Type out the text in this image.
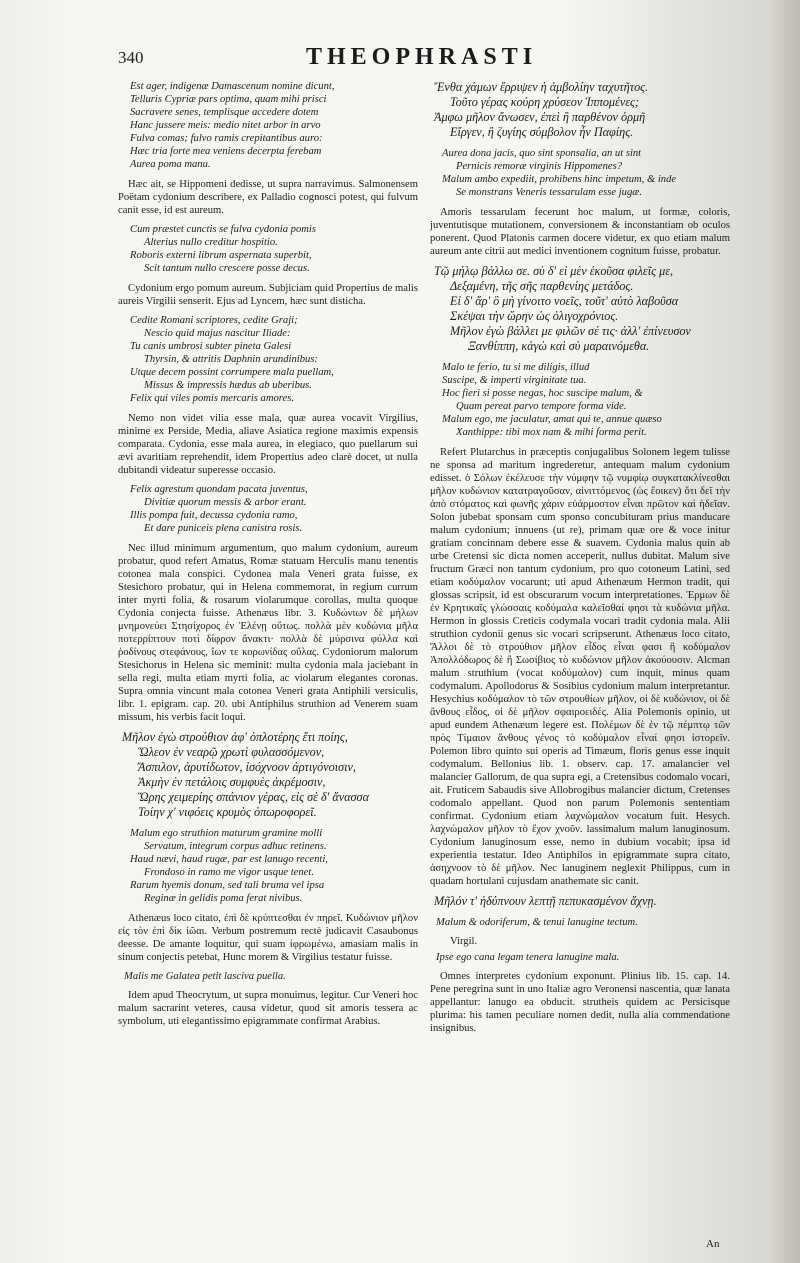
340	THEOPHRASTI
Est ager, indigenæ Damascenum nomine dicunt,
Telluris Cypriæ pars optima, quam mihi prisci
Sacravere senes, templisque accedere dotem
Hanc jussere meis: medio nitet arbor in arvo
Fulva comas; fulvo ramis crepitantibus auro:
Hæc tria forte mea veniens decerpta ferebam
Aurea poma manu.

Hæc ait, se Hippomeni dedisse, ut supra narravimus. Salmonensem Poëtam cydonium describere, ex Palladio cognosci potest, qui fulvum canit esse, id est aureum.

Cum præstet cunctis se fulva cydonia pomis
Alterius nullo creditur hospitio.
Roboris externi librum aspernata superbit,
Scit tantum nullo crescere posse decus.

Cydonium ergo pomum aureum. Subjiciam quid Propertius de malis aureis Virgilii senserit. Ejus ad Lyncem, hæc sunt disticha.

Cedite Romani scriptores, cedite Graji;
Nescio quid majus nascitur Iliade:
Tu canis umbrosi subter pineta Galesi
Thyrsin, & attritis Daphnin arundinibus:
Utque decem possint corrumpere mala puellam,
Missus & impressis hædus ab uberibus.
Felix qui viles pomis mercaris amores.

Nemo non videt vilia esse mala, quæ aurea vocavit Virgilius, minime ex Perside, Media, aliave Asiatica regione maximis expensis comparata. Cydonia, esse mala aurea, in elegiaco, quo puellarum sui ævi avaritiam reprehendit, idem Propertius adeo clarè docet, ut nulla dubitandi videatur superesse occasio.

Felix agrestum quondam pacata juventus,
Divitiæ quorum messis & arbor erant.
Illis pompa fuit, decussa cydonia ramo,
Et dare puniceis plena canistra rosis.

Nec illud minimum argumentum, quo malum cydonium, aureum probatur, quod refert Amatus, Romæ statuam Herculis manu tenentis cotonea mala conspici. Cydonea mala Veneri grata fuisse, ex Stesichoro probatur, qui in Helena commemorat, in regium currum inter myrti folia, & rosarum violarumque corollas, multa quoque Cydonia conjecta fuisse. Athenæus libr. 3. Κυδώνιων δὲ μήλων μνημονεύει Στησίχορος ἐν Ἑλένῃ οὕτως. πολλὰ μὲν κυδώνια μῆλα ποτερρίπτουν ποτὶ δίφρον ἄνακτι· πολλὰ δὲ μύρσινα φύλλα καὶ ῥοδίνους στεφάνους, ἴων τε κορωνίδας οὔλας. Cydoniorum malorum Stesichorus in Helena sic meminit: multa cydonia mala jaciebant in sella regi, multa etiam myrti folia, ac violarum elegantes coronas. Supra omnia vincunt mala cotonea Veneri grata Antiphili versiculis, libr. 1. epigram. cap. 20. ubi Antiphilus struthion ad Venerem suam missum, his verbis facit loqui.

Μῆλον ἐγὼ στρούθιον ἀφ' ὀπλοτέρης ἔτι ποίης,
Ὥλεον ἐν νεαρῷ χρωτὶ φυλασσόμενον,
Ἄσπιλον, ἀρυτίδωτον, ἰσόχνοον ἀρτιγόνοισιν,
Ἀκμὴν ἐν πετάλοις συμφυὲς ἀκρέμοσιν,
Ὥρης χειμερίης σπάνιον γέρας, εἰς σὲ δ' ἄνασσα
Τοίην χ' νιφόεις κρυμὸς ὀπωροφορεῖ.
Malum ego struthion maturum gramine molli
Servatum, integrum corpus adhuc retinens.
Haud nævi, haud rugæ, par est lanugo recenti,
Frondoso in ramo me vigor usque tenet.
Rarum hyemis donum, sed tali bruma vel ipsa
Reginæ in gelidis poma ferat nivibus.

Athenæus loco citato, ἐπὶ δὲ κρύπτεσθαι ἐν πηρεῖ. Κυδώνιον μῆλον εἰς τὸν ἐπὶ δίκ ἰῶαι. Verbum postremum rectè judicavit Casaubonus deesse. De amante loquitur, qui suam ἰφρωμένω, amasiam malis in sinum conjectis petebat, Hunc morem & Virgilius testatur fuisse.

Malis me Galatea petit lasciva puella.

Idem apud Theocrytum, ut supra monuimus, legitur. Cur Veneri hoc malum sacrarint veteres, causa videtur, quod sit amoris tessera ac symbolum, uti elegantissimo epigrammate confirmat Arabius.

Ἔνθα χάμων ἔρριψεν ἡ ἀμβολίην ταχυτῆτος.
Τοῦτο γέρας κούρη χρύσεον Ἱππομένες;
Ἀμφω μῆλον ἄνωσεν, ἐπεὶ ἢ παρθένον ὁρμῆ
Εἴργεν, ἢ ζυγίης σύμβολον ἦν Παφίης.
Aurea dona jacis, quo sint sponsalia, an ut sint
Pernicis remoræ virginis Hippomenes?
Malum ambo expediit, prohibens hinc impetum, & inde
Se monstrans Veneris tessarulam esse jugæ.

Amoris tessarulam fecerunt hoc malum, ut formæ, coloris, juventutisque mutationem, conversionem & inconstantiam ob oculos ponerent. Quod Platonis carmen docere videtur, ex quo etiam malum aureum ante citrii aut medici inventionem cognitum fuisse, probatur.

Τῷ μήλῳ βάλλω σε. σὺ δ' εἰ μὲν ἑκοῦσα φιλεῖς με,
Δεξαμένη, τῆς σῆς παρθενίης μετάδος.
Εἰ δ' ἄρ' ὃ μὴ γίνοιτο νοεῖς, τοῦτ' αὐτὸ λαβοῦσα
Σκέψαι τὴν ὥρην ὡς ὀλιγοχρόνιος.
Μῆλον ἐγὼ βάλλει με φιλῶν σέ τις· ἀλλ' ἐπίνευσον
Ξανθίππη, κἀγὼ καὶ σὺ μαραινόμεθα.
Malo te ferio, tu si me diligis, illud
Suscipe, & imperti virginitate tua.
Hoc fieri si posse negas, hoc suscipe malum, &
Quam pereat parvo tempore forma vide.
Malum ego, me jaculatur, amat qui te, annue quæso
Xanthippe: tibi mox nam & mihi forma perit.

Refert Plutarchus in præceptis conjugalibus Solonem legem tulisse ne sponsa ad maritum ingrederetur, antequam malum cydonium edisset. ὁ Σόλων ἐκέλευσε τὴν νύμφην τῷ νυμφίῳ συγκατακλίνεσθαι μῆλον κυδώνιον κατατραγοῦσαν, αἰνιττόμενος (ὡς ἔοικεν) ὅτι δεῖ τὴν ἀπὸ στόματος καὶ φωνῆς χάριν εὐάρμοστον εἶναι πρῶτον καὶ ἡδεῖαν. Solon jubebat sponsam cum sponso concubituram prius manducare malum cydonium; innuens (ut re), primam quæ ore & voce initur gratiam concinnam debere esse & suavem. Cydonia malus quin ab urbe Cretensi sic dicta nomen acceperit, nullus dubitat. Malum sive fructum Græci non tantum cydonium, pro quo cotoneum Latini, sed etiam κοδύμαλον vocarunt; uti apud Athenæum Hermon tradit, qui glossas scripsit, id est obscurarum vocum interpretationes. Ἑρμων δὲ ἐν Κρητικαῖς γλώσσαις κοδύμαλα καλεῖσθαί φησι τὰ κυδώνια μῆλα. Hermon in glossis Creticis codymala vocari tradit cydonia mala. Alii struthion cydonii genus sic vocari scripserunt. Athenæus loco citato, Ἄλλοι δὲ τὸ στρούθιον μῆλον εἶδος εἶναι φασι ἢ κοδύμαλον Ἀπολλόδωρος δὲ ἢ Σωσίβιος τὸ κυδώνιον μῆλον ἀκούουσιν. Alcman malum struthium (vocat κοδύμαλον) cum inquit, minus quam codymalum. Apollodorus & Sosibius cydonium malum interpretantur. Hesychius κοδύμαλον τὸ τῶν στρουθίων μῆλον, οἱ δὲ κυδώνιον, οἱ δὲ ἄνθους εἶδος, οἱ δὲ μῆλον σφαιροειδές. Alia Polemonis opinio, ut apud eundem Athenæum legere est. Πολέμων δὲ ἐν τῷ πέμπτῳ τῶν πρὸς Τίμαιον ἄνθους γένος τὸ κοδύμαλον εἶναί φησι ἱστορεῖν. Polemon libro quinto sui operis ad Timæum, floris genus esse inquit codymalum. Bellonius lib. 1. observ. cap. 17. amalancier vel malancier Gallorum, de qua supra egi, a Cretensibus codomalo vocari, ait. Fruticem Sabaudis sive Allobrogibus malancier dictum, Cretenses codomalo appellant. Quod non parum Polemonis sententiam confirmat. Cydonium etiam λαχνώμαλον vocatum fuit. Hesych. λαχνώμαλον μῆλον τὸ ἔχον χνοῦν. lassimalum malum lanuginosum. Cydonium lanuginosum esse, nemo in dubium vocabit; ipsa id experientia testatur. Ideo Antiphilos in epigrammate supra citato, ἀσηχνοον τὸ δὲ μῆλον. Nec lanuginem neglexit Philippus, cum in quadam hortulani cujusdam anathemate sic canit.

Μῆλόν τ' ἡδύπνουν λεπτῇ πεπυκασμένον ἄχνῃ.
Malum & odoriferum, & tenui lanugine tectum.
Virgil.
Ipse ego cana legam tenera lanugine mala.

Omnes interpretes cydonium exponunt. Plinius lib. 15. cap. 14. Pene peregrina sunt in uno Italiæ agro Veronensi nascentia, quæ lanata appellantur: lanugo ea obducit. strutheis quidem ac Persicisque plurima: his tamen peculiare nomen dedit, nulla alia commendatione insignibus.

An
